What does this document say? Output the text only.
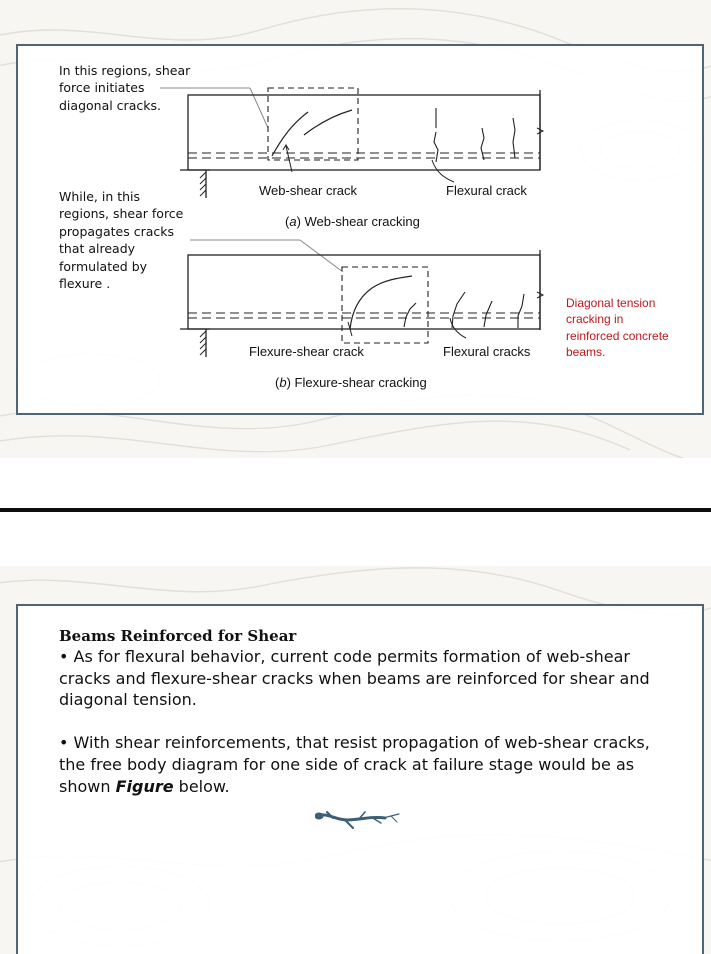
In this regions, shear force initiates diagonal cracks.
While, in this regions, shear force propagates cracks that already formulated by flexure .
Web-shear crack	Flexural crack
(a) Web-shear cracking
Flexure-shear crack	Flexural cracks
(b) Flexure-shear cracking
Diagonal tension cracking in reinforced concrete beams.
Beams Reinforced for Shear

• As for flexural behavior, current code permits formation of web-shear cracks and flexure-shear cracks when beams are reinforced for shear and diagonal tension.

• With shear reinforcements, that resist propagation of web-shear cracks, the free body diagram for one side of crack at failure stage would be as shown Figure below.
